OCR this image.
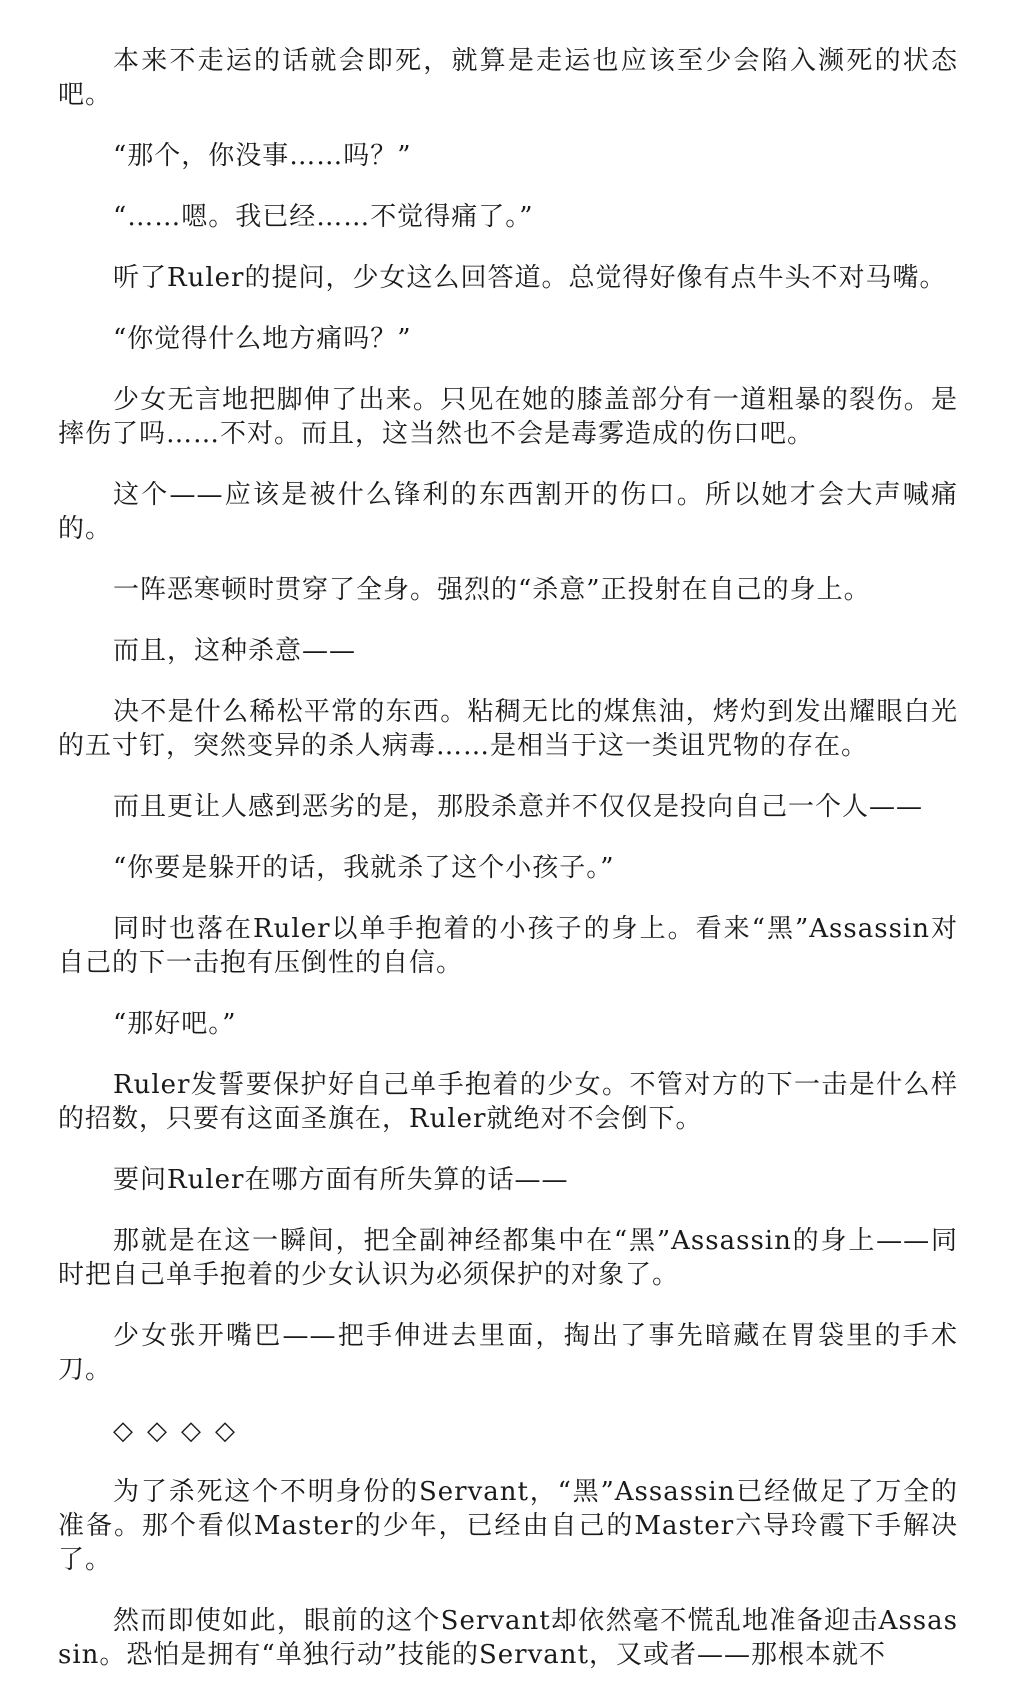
本来不走运的话就会即死，就算是走运也应该至少会陷入濒死的状态吧。

“那个，你没事……吗？”

“……嗯。我已经……不觉得痛了。”

听了Ruler的提问，少女这么回答道。总觉得好像有点牛头不对马嘴。

“你觉得什么地方痛吗？”

少女无言地把脚伸了出来。只见在她的膝盖部分有一道粗暴的裂伤。是摔伤了吗……不对。而且，这当然也不会是毒雾造成的伤口吧。

这个——应该是被什么锋利的东西割开的伤口。所以她才会大声喊痛的。

一阵恶寒顿时贯穿了全身。强烈的“杀意”正投射在自己的身上。

而且，这种杀意——

决不是什么稀松平常的东西。粘稠无比的煤焦油，烤灼到发出耀眼白光的五寸钉，突然变异的杀人病毒……是相当于这一类诅咒物的存在。

而且更让人感到恶劣的是，那股杀意并不仅仅是投向自己一个人——

“你要是躲开的话，我就杀了这个小孩子。”

同时也落在Ruler以单手抱着的小孩子的身上。看来“黑”Assassin对自己的下一击抱有压倒性的自信。

“那好吧。”

Ruler发誓要保护好自己单手抱着的少女。不管对方的下一击是什么样的招数，只要有这面圣旗在，Ruler就绝对不会倒下。

要问Ruler在哪方面有所失算的话——

那就是在这一瞬间，把全副神经都集中在“黑”Assassin的身上——同时把自己单手抱着的少女认识为必须保护的对象了。

少女张开嘴巴——把手伸进去里面，掏出了事先暗藏在胃袋里的手术刀。

◇◇◇◇

为了杀死这个不明身份的Servant，“黑”Assassin已经做足了万全的准备。那个看似Master的少年，已经由自己的Master六导玲霞下手解决了。

然而即使如此，眼前的这个Servant却依然毫不慌乱地准备迎击Assassin。恐怕是拥有“单独行动”技能的Servant，又或者——那根本就不
